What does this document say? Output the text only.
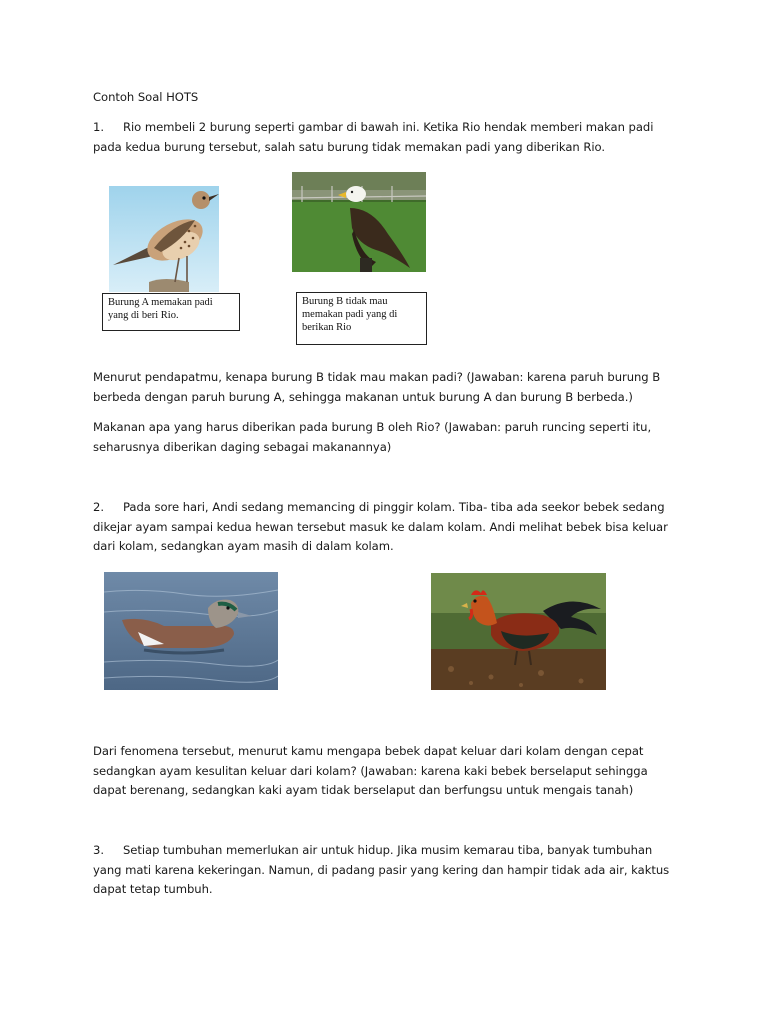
Contoh Soal HOTS
1. Rio membeli 2 burung seperti gambar di bawah ini. Ketika Rio hendak memberi makan padi pada kedua burung tersebut, salah satu burung tidak memakan padi yang diberikan Rio.
Burung A memakan padi yang di beri Rio.
Burung B tidak mau memakan padi yang di berikan Rio
Menurut pendapatmu, kenapa burung B tidak mau makan padi? (Jawaban: karena paruh burung B berbeda dengan paruh burung A, sehingga makanan untuk burung A dan burung B berbeda.)
Makanan apa yang harus diberikan pada burung B oleh Rio? (Jawaban: paruh runcing seperti itu, seharusnya diberikan daging sebagai makanannya)
2. Pada sore hari, Andi sedang memancing di pinggir kolam. Tiba- tiba ada seekor bebek sedang dikejar ayam sampai kedua hewan tersebut masuk ke dalam kolam. Andi melihat bebek bisa keluar dari kolam, sedangkan ayam masih di dalam kolam.
Dari fenomena tersebut, menurut kamu mengapa bebek dapat keluar dari kolam dengan cepat sedangkan ayam kesulitan keluar dari kolam? (Jawaban: karena kaki bebek berselaput sehingga dapat berenang, sedangkan kaki ayam tidak berselaput dan berfungsu untuk mengais tanah)
3. Setiap tumbuhan memerlukan air untuk hidup. Jika musim kemarau tiba, banyak tumbuhan yang mati karena kekeringan. Namun, di padang pasir yang kering dan hampir tidak ada air, kaktus dapat tetap tumbuh.
